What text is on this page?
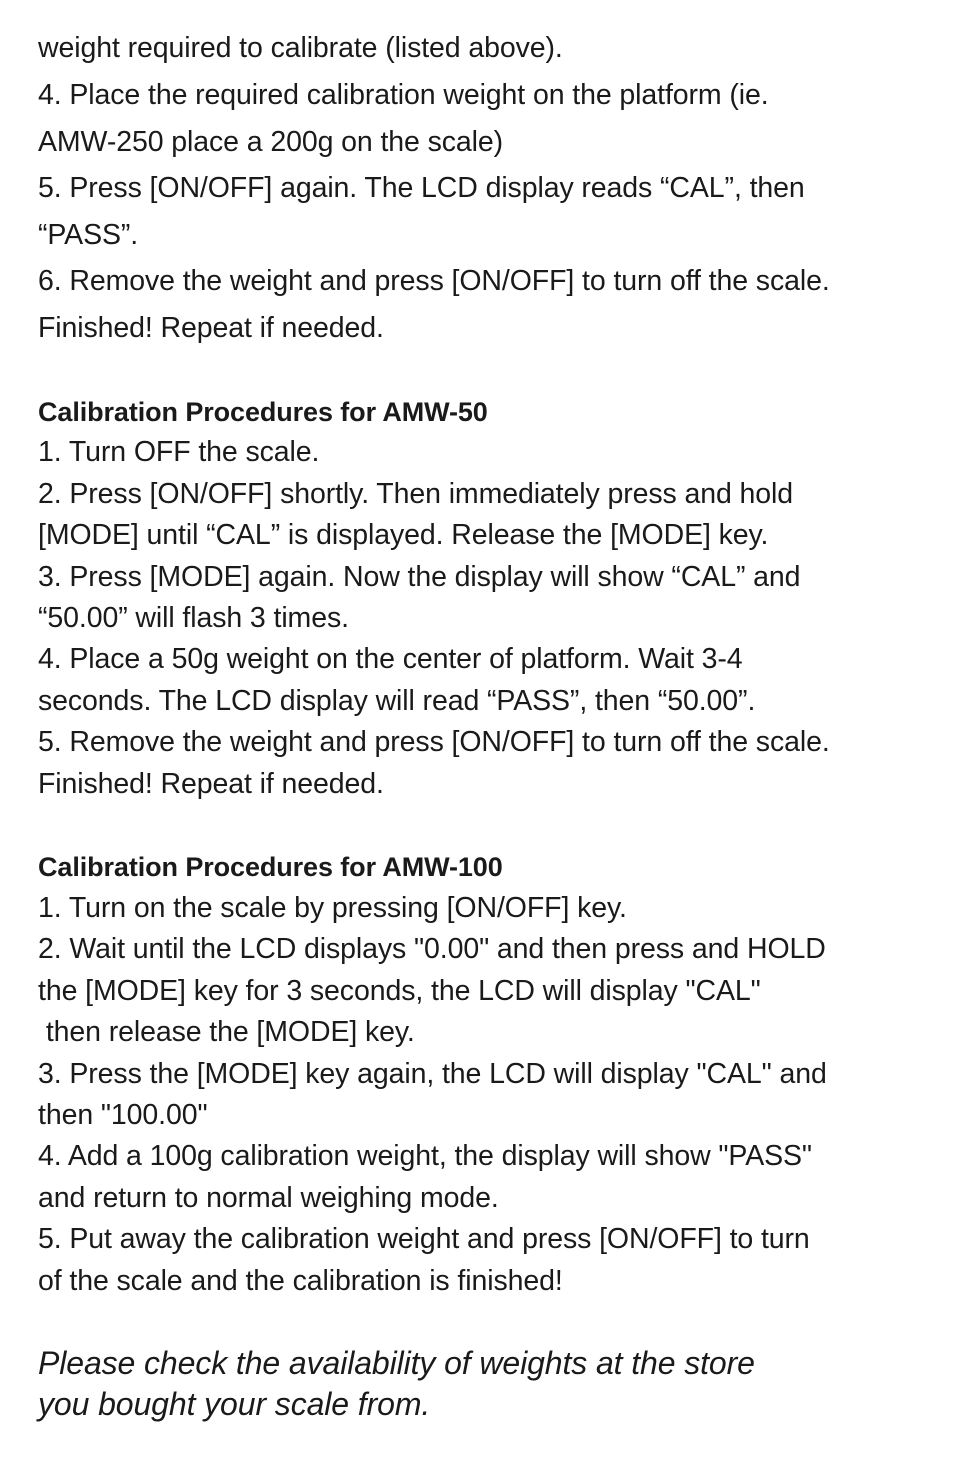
weight required to calibrate (listed above).
4. Place the required calibration weight on the platform (ie.
AMW-250 place a 200g on the scale)
5. Press [ON/OFF] again. The LCD display reads “CAL”, then
“PASS”.
6. Remove the weight and press [ON/OFF] to turn off the scale.
Finished! Repeat if needed.
Calibration Procedures for AMW-50
1. Turn OFF the scale.
2. Press [ON/OFF] shortly. Then immediately press and hold
[MODE] until “CAL” is displayed. Release the [MODE] key.
3. Press [MODE] again. Now the display will show “CAL” and
“50.00” will flash 3 times.
4. Place a 50g weight on the center of platform. Wait 3-4
seconds. The LCD display will read “PASS”, then “50.00”.
5. Remove the weight and press [ON/OFF] to turn off the scale.
Finished! Repeat if needed.
Calibration Procedures for AMW-100
1. Turn on the scale by pressing [ON/OFF] key.
2. Wait until the LCD displays "0.00" and then press and HOLD
the [MODE] key for 3 seconds, the LCD will display "CAL"
then release the [MODE] key.
3. Press the [MODE] key again, the LCD will display "CAL" and
then "100.00"
4. Add a 100g calibration weight, the display will show "PASS"
and return to normal weighing mode.
5. Put away the calibration weight and press [ON/OFF] to turn
of the scale and the calibration is finished!
Please check the availability of weights at the store
you bought your scale from.
